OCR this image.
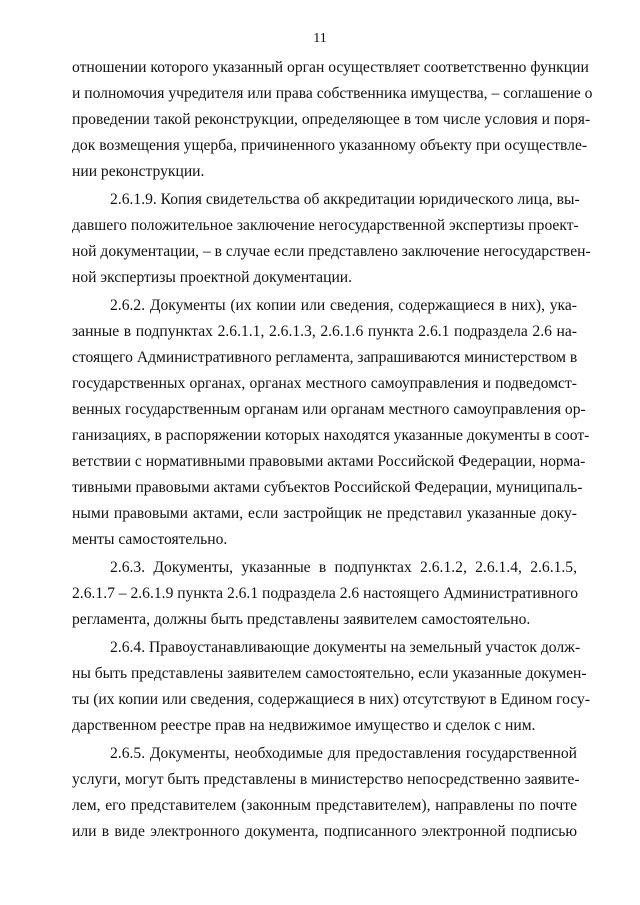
11
отношении которого указанный орган осуществляет соответственно функции
и полномочия учредителя или права собственника имущества, – соглашение о
проведении такой реконструкции, определяющее в том числе условия и поря-
док возмещения ущерба, причиненного указанному объекту при осуществле-
нии реконструкции.
2.6.1.9. Копия свидетельства об аккредитации юридического лица, вы-
давшего положительное заключение негосударственной экспертизы проект-
ной документации, – в случае если представлено заключение негосударствен-
ной экспертизы проектной документации.
2.6.2. Документы (их копии или сведения, содержащиеся в них), ука-
занные в подпунктах 2.6.1.1, 2.6.1.3, 2.6.1.6 пункта 2.6.1 подраздела 2.6 на-
стоящего Административного регламента, запрашиваются министерством в
государственных органах, органах местного самоуправления и подведомст-
венных государственным органам или органам местного самоуправления ор-
ганизациях, в распоряжении которых находятся указанные документы в соот-
ветствии с нормативными правовыми актами Российской Федерации, норма-
тивными правовыми актами субъектов Российской Федерации, муниципаль-
ными правовыми актами, если застройщик не представил указанные доку-
менты самостоятельно.
2.6.3. Документы, указанные в подпунктах 2.6.1.2, 2.6.1.4, 2.6.1.5,
2.6.1.7 – 2.6.1.9 пункта 2.6.1 подраздела 2.6 настоящего Административного
регламента, должны быть представлены заявителем самостоятельно.
2.6.4. Правоустанавливающие документы на земельный участок долж-
ны быть представлены заявителем самостоятельно, если указанные докумен-
ты (их копии или сведения, содержащиеся в них) отсутствуют в Едином госу-
дарственном реестре прав на недвижимое имущество и сделок с ним.
2.6.5. Документы, необходимые для предоставления государственной
услуги, могут быть представлены в министерство непосредственно заявите-
лем, его представителем (законным представителем), направлены по почте
или в виде электронного документа, подписанного электронной подписью
